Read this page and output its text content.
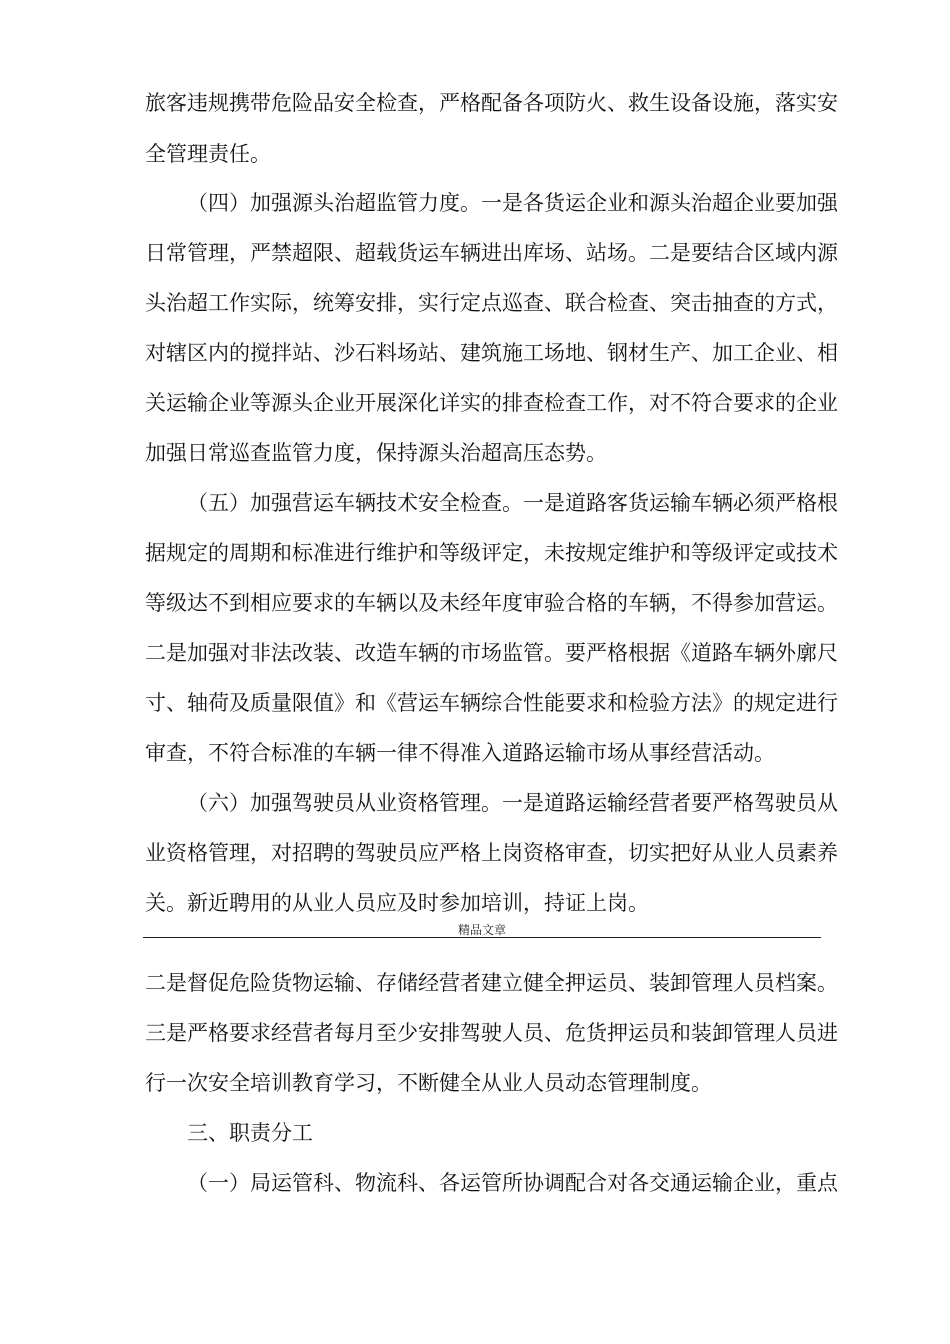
旅客违规携带危险品安全检查，严格配备各项防火、救生设备设施，落实安
全管理责任。
（四）加强源头治超监管力度。一是各货运企业和源头治超企业要加强
日常管理，严禁超限、超载货运车辆进出库场、站场。二是要结合区域内源
头治超工作实际，统筹安排，实行定点巡查、联合检查、突击抽查的方式，
对辖区内的搅拌站、沙石料场站、建筑施工场地、钢材生产、加工企业、相
关运输企业等源头企业开展深化详实的排查检查工作，对不符合要求的企业
加强日常巡查监管力度，保持源头治超高压态势。
（五）加强营运车辆技术安全检查。一是道路客货运输车辆必须严格根
据规定的周期和标准进行维护和等级评定，未按规定维护和等级评定或技术
等级达不到相应要求的车辆以及未经年度审验合格的车辆，不得参加营运。
二是加强对非法改装、改造车辆的市场监管。要严格根据《道路车辆外廓尺
寸、轴荷及质量限值》和《营运车辆综合性能要求和检验方法》的规定进行
审查，不符合标准的车辆一律不得准入道路运输市场从事经营活动。
（六）加强驾驶员从业资格管理。一是道路运输经营者要严格驾驶员从
业资格管理，对招聘的驾驶员应严格上岗资格审查，切实把好从业人员素养
关。新近聘用的从业人员应及时参加培训，持证上岗。
精品文章
二是督促危险货物运输、存储经营者建立健全押运员、装卸管理人员档案。
三是严格要求经营者每月至少安排驾驶人员、危货押运员和装卸管理人员进
行一次安全培训教育学习，不断健全从业人员动态管理制度。
三、职责分工
（一）局运管科、物流科、各运管所协调配合对各交通运输企业，重点
